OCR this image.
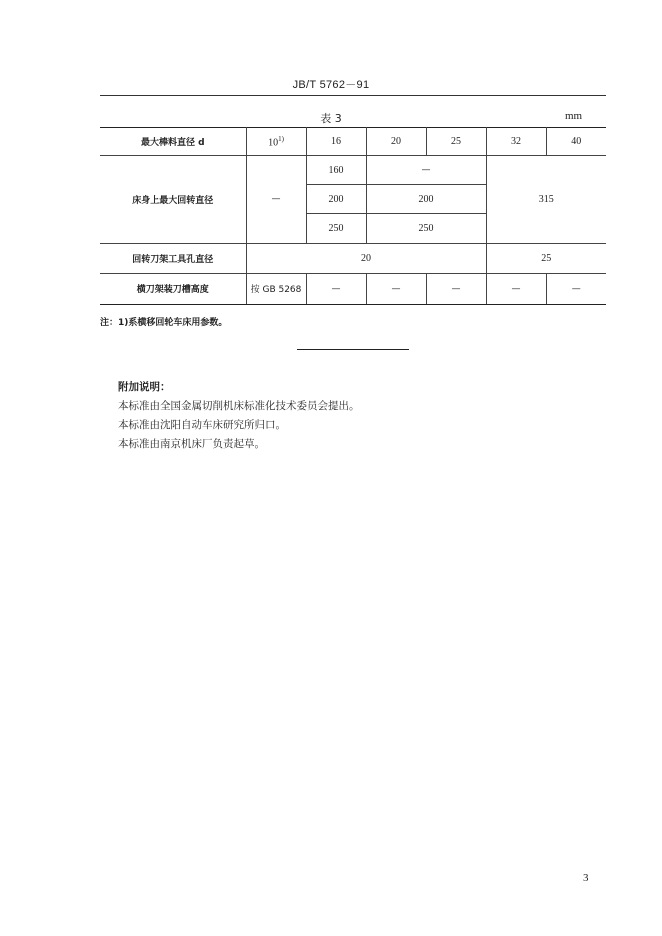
JB/T 5762－91
表 3	mm
最大棒料直径 d	10$^{1)}$	16	20	25	32	40
床身上最大回转直径	—	160	—		315	
		200	200			
		250	250			
回转刀架工具孔直径	20				25	
横刀架装刀槽高度	按 GB 5268	—	—	—	—	—
注：1)系横移回轮车床用参数。
附加说明：
本标准由全国金属切削机床标准化技术委员会提出。
本标准由沈阳自动车床研究所归口。
本标准由南京机床厂负责起草。
3
